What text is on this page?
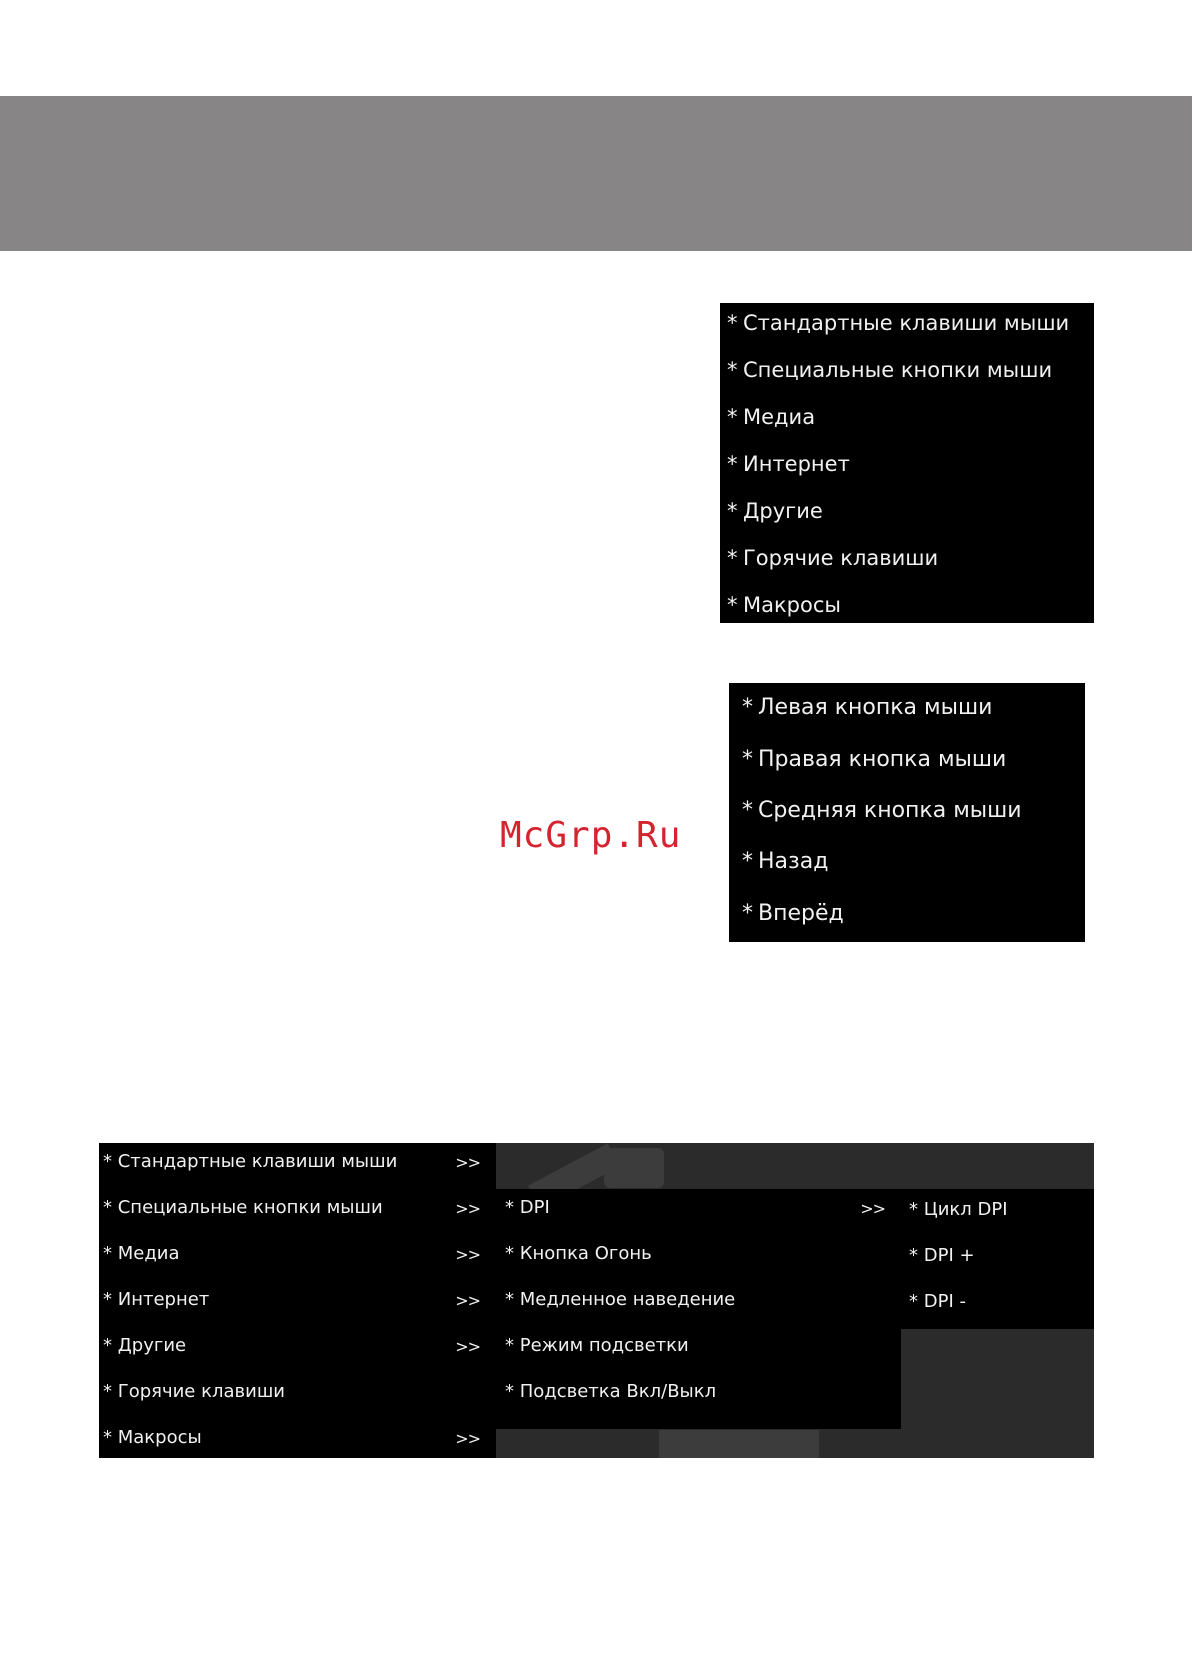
* Стандартные клавиши мыши
* Специальные кнопки мыши
* Медиа
* Интернет
* Другие
* Горячие клавиши
* Макросы
* Левая кнопка мыши
* Правая кнопка мыши
* Средняя кнопка мыши
* Назад
* Вперёд
McGrp.Ru
* Стандартные клавиши мыши	>>
* Специальные кнопки мыши	>>
* Медиа	>>
* Интернет	>>
* Другие	>>
* Горячие клавиши
* Макросы	>>
* DPI	>>
* Кнопка Огонь
* Медленное наведение
* Режим подсветки
* Подсветка Вкл/Выкл
* Цикл DPI
* DPI +
* DPI -
